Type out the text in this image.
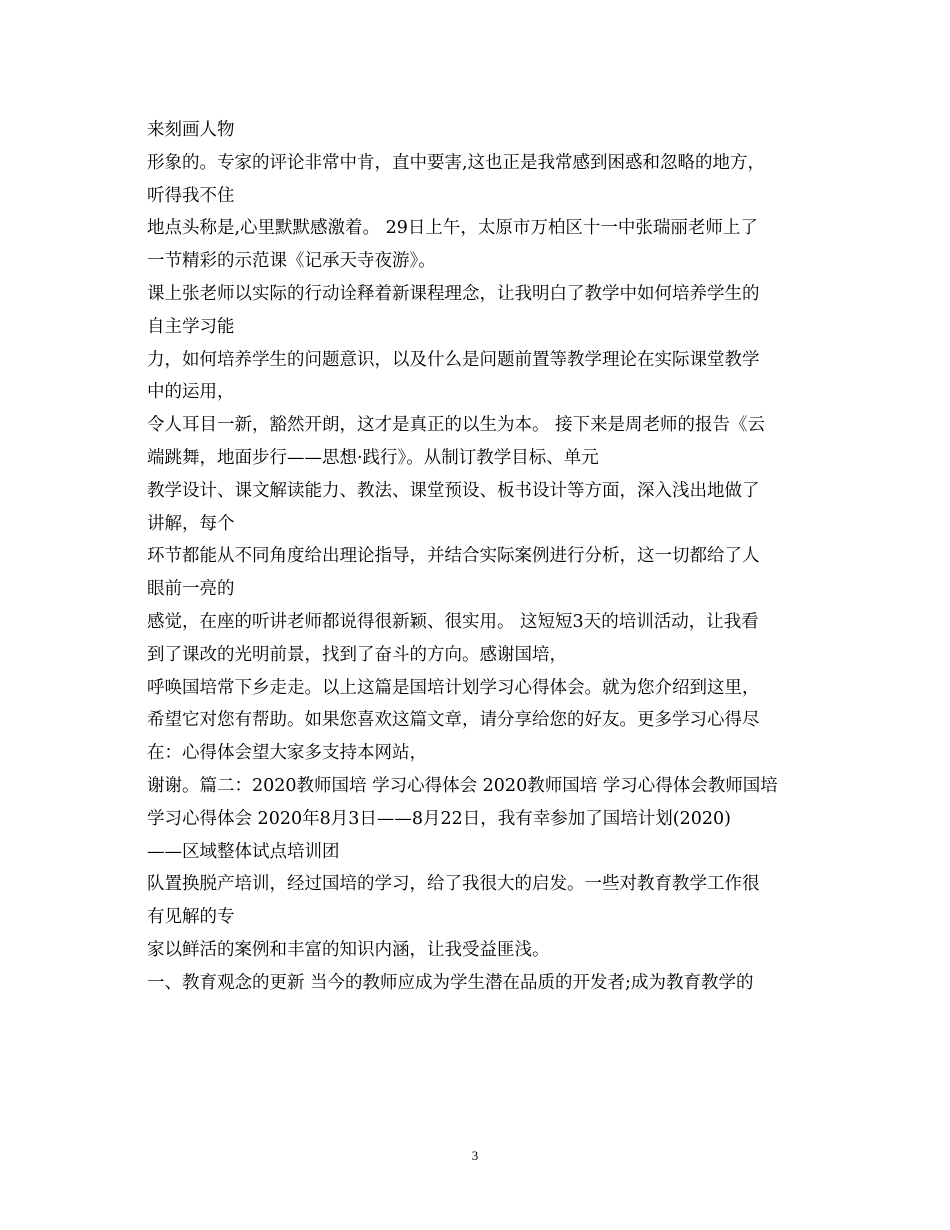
来刻画人物
形象的。专家的评论非常中肯，直中要害,这也正是我常感到困惑和忽略的地方，
听得我不住
地点头称是,心里默默感激着。 29日上午，太原市万柏区十一中张瑞丽老师上了
一节精彩的示范课《记承天寺夜游》。
课上张老师以实际的行动诠释着新课程理念，让我明白了教学中如何培养学生的
自主学习能
力，如何培养学生的问题意识，以及什么是问题前置等教学理论在实际课堂教学
中的运用，
令人耳目一新，豁然开朗，这才是真正的以生为本。 接下来是周老师的报告《云
端跳舞，地面步行——思想·践行》。从制订教学目标、单元
教学设计、课文解读能力、教法、课堂预设、板书设计等方面，深入浅出地做了
讲解，每个
环节都能从不同角度给出理论指导，并结合实际案例进行分析，这一切都给了人
眼前一亮的
感觉，在座的听讲老师都说得很新颖、很实用。 这短短3天的培训活动，让我看
到了课改的光明前景，找到了奋斗的方向。感谢国培，
呼唤国培常下乡走走。以上这篇是国培计划学习心得体会。就为您介绍到这里，
希望它对您有帮助。如果您喜欢这篇文章，请分享给您的好友。更多学习心得尽
在：心得体会望大家多支持本网站，
谢谢。篇二：2020教师国培 学习心得体会 2020教师国培 学习心得体会教师国培
学习心得体会 2020年8月3日——8月22日，我有幸参加了国培计划(2020)
——区域整体试点培训团
队置换脱产培训，经过国培的学习，给了我很大的启发。一些对教育教学工作很
有见解的专
家以鲜活的案例和丰富的知识内涵，让我受益匪浅。
一、教育观念的更新 当今的教师应成为学生潜在品质的开发者;成为教育教学的
3
